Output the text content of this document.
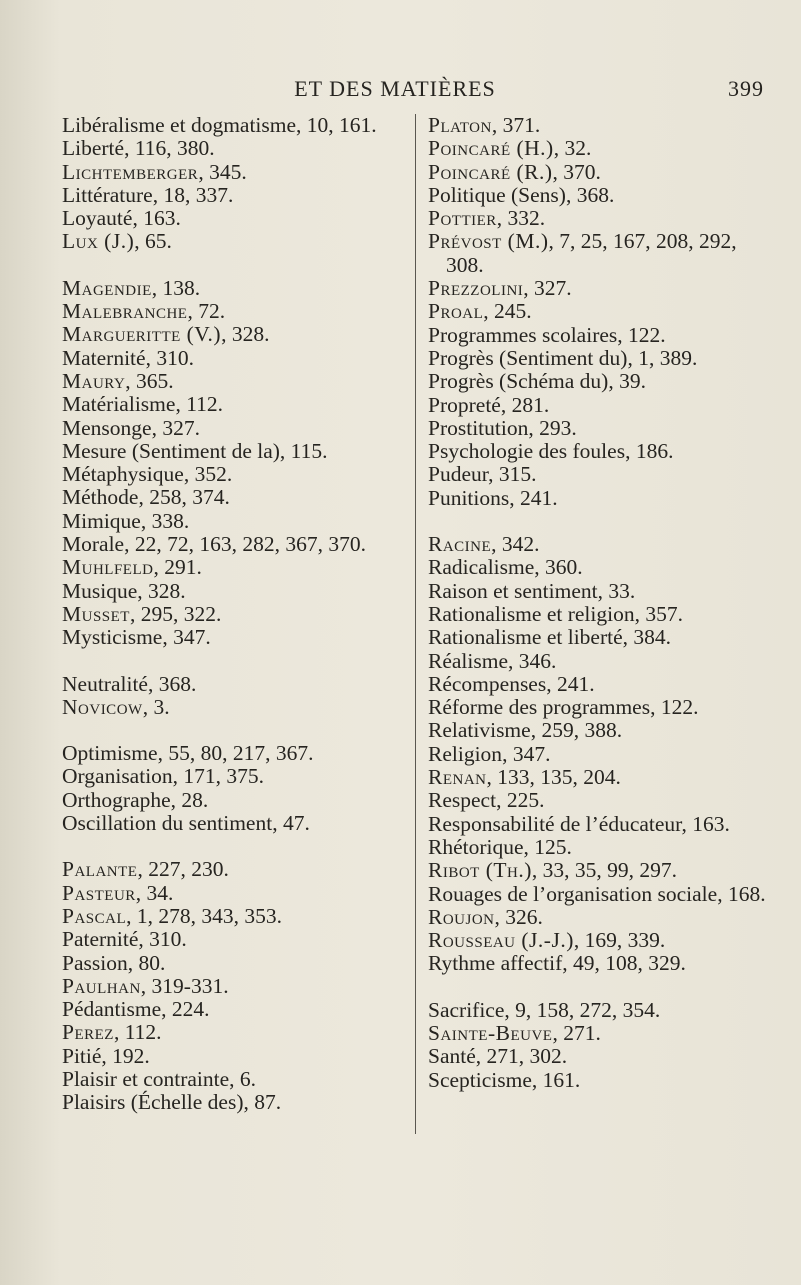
ET DES MATIÈRES	399
Libéralisme et dogmatisme, 10, 161.
Liberté, 116, 380.
Lichtemberger, 345.
Littérature, 18, 337.
Loyauté, 163.
Lux (J.), 65.
Magendie, 138.
Malebranche, 72.
Margueritte (V.), 328.
Maternité, 310.
Maury, 365.
Matérialisme, 112.
Mensonge, 327.
Mesure (Sentiment de la), 115.
Métaphysique, 352.
Méthode, 258, 374.
Mimique, 338.
Morale, 22, 72, 163, 282, 367, 370.
Muhlfeld, 291.
Musique, 328.
Musset, 295, 322.
Mysticisme, 347.
Neutralité, 368.
Novicow, 3.
Optimisme, 55, 80, 217, 367.
Organisation, 171, 375.
Orthographe, 28.
Oscillation du sentiment, 47.
Palante, 227, 230.
Pasteur, 34.
Pascal, 1, 278, 343, 353.
Paternité, 310.
Passion, 80.
Paulhan, 319-331.
Pédantisme, 224.
Perez, 112.
Pitié, 192.
Plaisir et contrainte, 6.
Plaisirs (Échelle des), 87.
Platon, 371.
Poincaré (H.), 32.
Poincaré (R.), 370.
Politique (Sens), 368.
Pottier, 332.
Prévost (M.), 7, 25, 167, 208, 292, 308.
Prezzolini, 327.
Proal, 245.
Programmes scolaires, 122.
Progrès (Sentiment du), 1, 389.
Progrès (Schéma du), 39.
Propreté, 281.
Prostitution, 293.
Psychologie des foules, 186.
Pudeur, 315.
Punitions, 241.
Racine, 342.
Radicalisme, 360.
Raison et sentiment, 33.
Rationalisme et religion, 357.
Rationalisme et liberté, 384.
Réalisme, 346.
Récompenses, 241.
Réforme des programmes, 122.
Relativisme, 259, 388.
Religion, 347.
Renan, 133, 135, 204.
Respect, 225.
Responsabilité de l’éducateur, 163.
Rhétorique, 125.
Ribot (Th.), 33, 35, 99, 297.
Rouages de l’organisation sociale, 168.
Roujon, 326.
Rousseau (J.-J.), 169, 339.
Rythme affectif, 49, 108, 329.
Sacrifice, 9, 158, 272, 354.
Sainte-Beuve, 271.
Santé, 271, 302.
Scepticisme, 161.
